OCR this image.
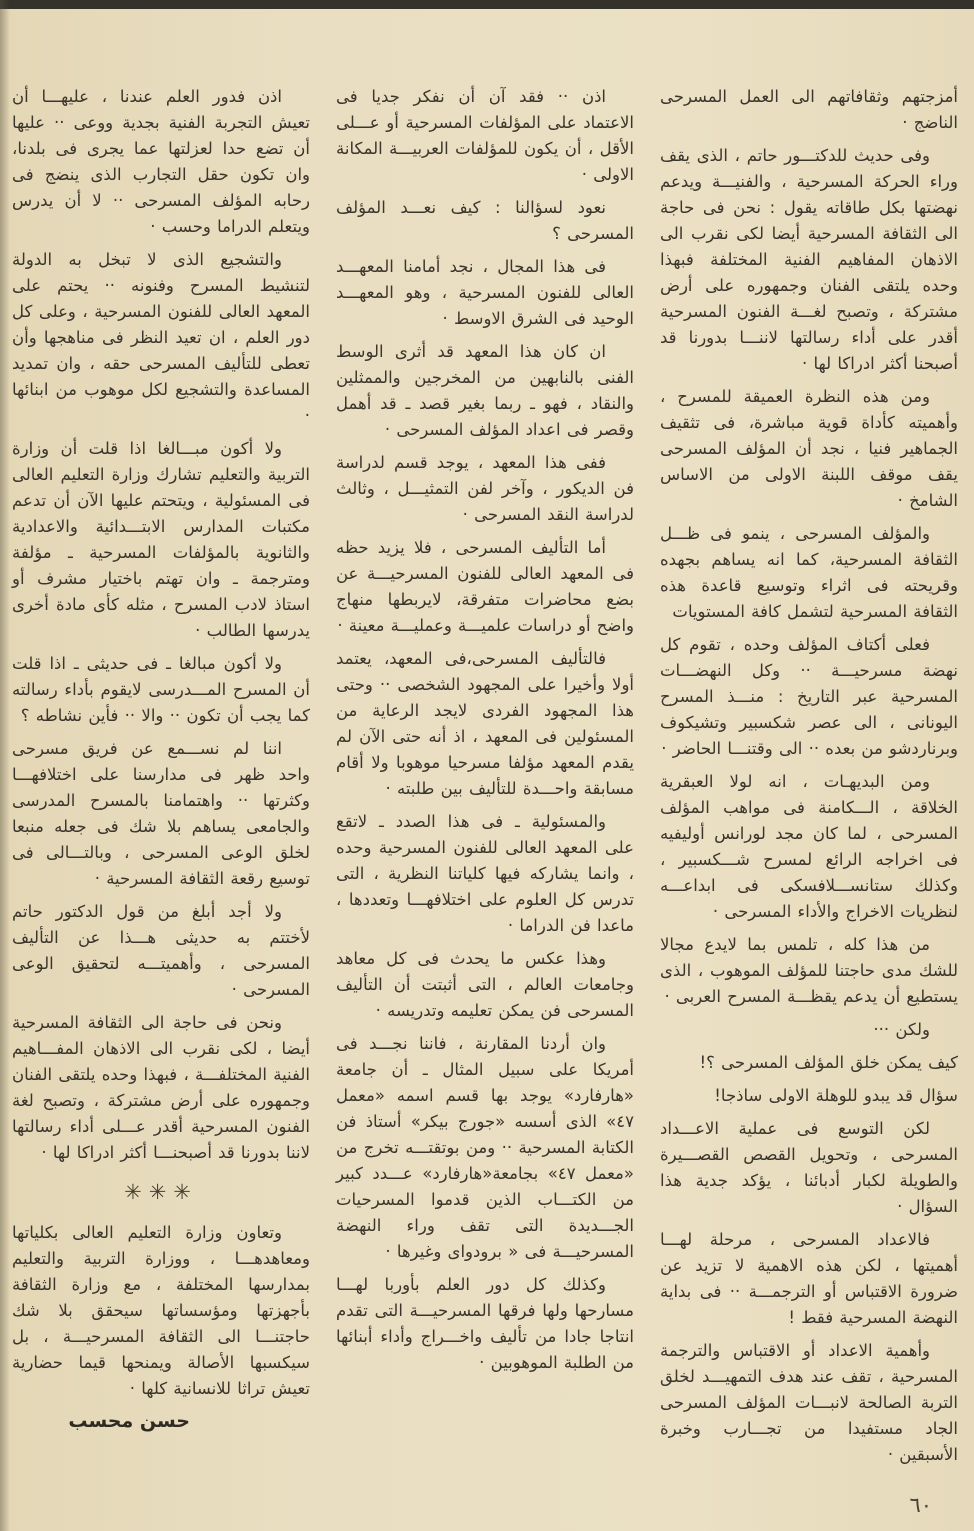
أمزجتهم وثقافاتهم الى العمل المسرحى الناضج ·

وفى حديث للدكتـــور حاتم ، الذى يقف وراء الحركة المسرحية ، والفنيـــة ويدعم نهضتها بكل طاقاته يقول : نحن فى حاجة الى الثقافة المسرحية أيضا لكى نقرب الى الاذهان المفاهيم الفنية المختلفة فبهذا وحده يلتقى الفنان وجمهوره على أرض مشتركة ، وتصبح لغـــة الفنون المسرحية أقدر على أداء رسالتها لاننـــا بدورنا قد أصبحنا أكثر ادراكا لها ·

ومن هذه النظرة العميقة للمسرح ، وأهميته كأداة قوية مباشرة، فى تثقيف الجماهير فنيا ، نجد أن المؤلف المسرحى يقف موقف اللبنة الاولى من الاساس الشامخ ·

والمؤلف المسرحى ، ينمو فى ظـــل الثقافة المسرحية، كما انه يساهم بجهده وقريحته فى اثراء وتوسيع قاعدة هذه الثقافة المسرحية لتشمل كافة المستويات

فعلى أكتاف المؤلف وحده ، تقوم كل نهضة مسرحيـــة ·· وكل النهضـــات المسرحية عبر التاريخ : منـــذ المسرح اليونانى ، الى عصر شكسبير وتشيكوف وبرناردشو من بعده ·· الى وقتنـــا الحاضر ·

ومن البديهـات ، انه لولا العبقرية الخلاقة ، الـــكامنة فى مواهب المؤلف المسرحى ، لما كان مجد لورانس أوليفيه فى اخراجه الرائع لمسرح شـــكسبير ، وكذلك ستانســـلافسكى فى ابداعـــه لنظريات الاخراج والأداء المسرحى ·

من هذا كله ، تلمس بما لايدع مجالا للشك مدى حاجتنا للمؤلف الموهوب ، الذى يستطيع أن يدعم يقظـــة المسرح العربى ·

ولكن ···

كيف يمكن خلق المؤلف المسرحى ؟!

سؤال قد يبدو للوهلة الاولى ساذجا!

لكن التوسع فى عملية الاعـــداد المسرحى ، وتحويل القصص القصـــيرة والطويلة لكبار أدبائنا ، يؤكد جدية هذا السؤال ·

فالاعداد المسرحى ، مرحلة لهـــا أهميتها ، لكن هذه الاهمية لا تزيد عن ضرورة الاقتباس أو الترجمـــة ·· فى بداية النهضة المسرحية فقط !

وأهمية الاعداد أو الاقتباس والترجمة المسرحية ، تقف عند هدف التمهيـــد لخلق التربة الصالحة لانبـــات المؤلف المسرحى الجاد مستفيدا من تجـــارب وخبرة الأسبقين ·

اذن ·· فقد آن أن نفكر جديا فى الاعتماد على المؤلفات المسرحية أو عـــلى الأقل ، أن يكون للمؤلفات العربيـــة المكانة الاولى ·

نعود لسؤالنا : كيف نعـــد المؤلف المسرحى ؟

فى هذا المجال ، نجد أمامنا المعهـــد العالى للفنون المسرحية ، وهو المعهـــد الوحيد فى الشرق الاوسط ·

ان كان هذا المعهد قد أثرى الوسط الفنى بالنابهين من المخرجين والممثلين والنقاد ، فهو ـ ربما بغير قصد ـ قد أهمل وقصر فى اعداد المؤلف المسرحى ·

ففى هذا المعهد ، يوجد قسم لدراسة فن الديكور ، وآخر لفن التمثيـــل ، وثالث لدراسة النقد المسرحى ·

أما التأليف المسرحى ، فلا يزيد حظه فى المعهد العالى للفنون المسرحيـــة عن بضع محاضرات متفرقة، لايربطها منهاج واضح أو دراسات علميـــة وعمليـــة معينة ·

فالتأليف المسرحى،فى المعهد، يعتمد أولا وأخيرا على المجهود الشخصى ·· وحتى هذا المجهود الفردى لايجد الرعاية من المسئولين فى المعهد ، اذ أنه حتى الآن لم يقدم المعهد مؤلفا مسرحيا موهوبا ولا أقام مسابقة واحـــدة للتأليف بين طلبته ·

والمسئولية ـ فى هذا الصدد ـ لاتقع على المعهد العالى للفنون المسرحية وحده ، وانما يشاركه فيها كلياتنا النظرية ، التى تدرس كل العلوم على اختلافهـــا وتعددها ، ماعدا فن الدراما ·

وهذا عكس ما يحدث فى كل معاهد وجامعات العالم ، التى أثبتت أن التأليف المسرحى فن يمكن تعليمه وتدريسه ·

وان أردنا المقارنة ، فاننا نجـــد فى أمريكا على سبيل المثال ـ أن جامعة «هارفارد» يوجد بها قسم اسمه «معمل ٤٧» الذى أسسه «جورج بيكر» أستاذ فن الكتابة المسرحية ·· ومن بوتقتـــه تخرج من «معمل ٤٧» بجامعة«هارفارد» عـــدد كبير من الكتـــاب الذين قدموا المسرحيات الجـــديدة التى تقف وراء النهضة المسرحيـــة فى « برودواى وغيرها ·

وكذلك كل دور العلم بأوربا لهـــا مسارحها ولها فرقها المسرحيـــة التى تقدم انتاجا جادا من تأليف واخـــراج وأداء أبنائها من الطلبة الموهوبين ·

اذن فدور العلم عندنا ، عليهـــا أن تعيش التجربة الفنية بجدية ووعى ·· عليها أن تضع حدا لعزلتها عما يجرى فى بلدنا، وان تكون حقل التجارب الذى ينضج فى رحابه المؤلف المسرحى ·· لا أن يدرس ويتعلم الدراما وحسب ·

والتشجيع الذى لا تبخل به الدولة لتنشيط المسرح وفنونه ·· يحتم على المعهد العالى للفنون المسرحية ، وعلى كل دور العلم ، ان تعيد النظر فى مناهجها وأن تعطى للتأليف المسرحى حقه ، وان تمديد المساعدة والتشجيع لكل موهوب من ابنائها ·

ولا أكون مبـــالغا اذا قلت أن وزارة التربية والتعليم تشارك وزارة التعليم العالى فى المسئولية ، ويتحتم عليها الآن أن تدعم مكتبات المدارس الابتـــدائية والاعدادية والثانوية بالمؤلفات المسرحية ـ مؤلفة ومترجمة ـ وان تهتم باختيار مشرف أو استاذ لادب المسرح ، مثله كأى مادة أخرى يدرسها الطالب ·

ولا أكون مبالغا ـ فى حديثى ـ اذا قلت أن المسرح المـــدرسى لايقوم بأداء رسالته كما يجب أن تكون ·· والا ·· فأين نشاطه ؟

اننا لم نســـمع عن فريق مسرحى واحد ظهر فى مدارسنا على اختلافهـــا وكثرتها ·· واهتمامنا بالمسرح المدرسى والجامعى يساهم بلا شك فى جعله منبعا لخلق الوعى المسرحى ، وبالتـــالى فى توسيع رقعة الثقافة المسرحية ·

ولا أجد أبلغ من قول الدكتور حاتم لأختتم به حديثى هـــذا عن التأليف المسرحى ، وأهميتـــه لتحقيق الوعى المسرحى ·

ونحن فى حاجة الى الثقافة المسرحية أيضا ، لكى نقرب الى الاذهان المفـــاهيم الفنية المختلفـــة ، فبهذا وحده يلتقى الفنان وجمهوره على أرض مشتركة ، وتصبح لغة الفنون المسرحية أقدر عـــلى أداء رسالتها لاننا بدورنا قد أصبحنـــا أكثر ادراكا لها ·

✳✳✳

وتعاون وزارة التعليم العالى بكلياتها ومعاهدهـــا ، ووزارة التربية والتعليم بمدارسها المختلفة ، مع وزارة الثقافة بأجهزتها ومؤسساتها سيحقق بلا شك حاجتنـــا الى الثقافة المسرحيـــة ، بل سيكسبها الأصالة ويمنحها قيما حضارية تعيش تراثا للانسانية كلها ·

حسن محسب
٦٠
